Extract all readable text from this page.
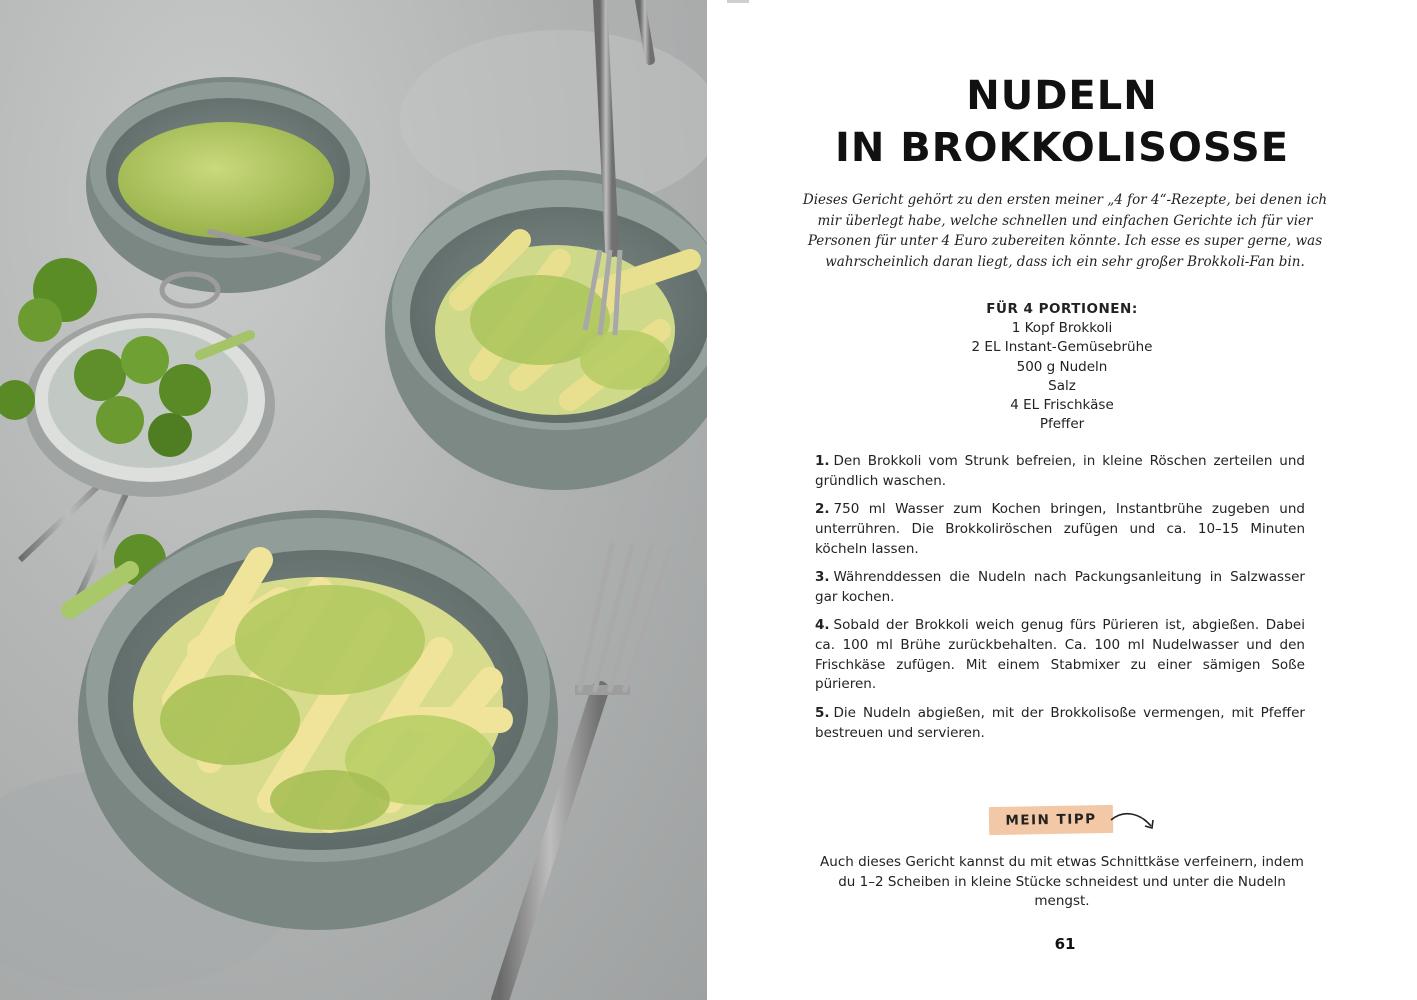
NUDELN
IN BROKKOLISOSSE
Dieses Gericht gehört zu den ersten meiner „4 for 4“-Rezepte, bei denen ich mir überlegt habe, welche schnellen und einfachen Gerichte ich für vier Personen für unter 4 Euro zubereiten könnte. Ich esse es super gerne, was wahrscheinlich daran liegt, dass ich ein sehr großer Brokkoli-Fan bin.
FÜR 4 PORTIONEN:
1 Kopf Brokkoli
2 EL Instant-Gemüsebrühe
500 g Nudeln
Salz
4 EL Frischkäse
Pfeffer

1. Den Brokkoli vom Strunk befreien, in kleine Röschen zerteilen und gründlich waschen.

2. 750 ml Wasser zum Kochen bringen, Instantbrühe zugeben und unterrühren. Die Brokkoliröschen zufügen und ca. 10–15 Minuten köcheln lassen.

3. Währenddessen die Nudeln nach Packungsanleitung in Salzwasser gar kochen.

4. Sobald der Brokkoli weich genug fürs Pürieren ist, abgießen. Dabei ca. 100 ml Brühe zurückbehalten. Ca. 100 ml Nudelwasser und den Frischkäse zufügen. Mit einem Stabmixer zu einer sämigen Soße pürieren.

5. Die Nudeln abgießen, mit der Brokkolisoße vermengen, mit Pfeffer bestreuen und servieren.

MEIN TIPP
Auch dieses Gericht kannst du mit etwas Schnittkäse verfeinern, indem du 1–2 Scheiben in kleine Stücke schneidest und unter die Nudeln mengst.
61
